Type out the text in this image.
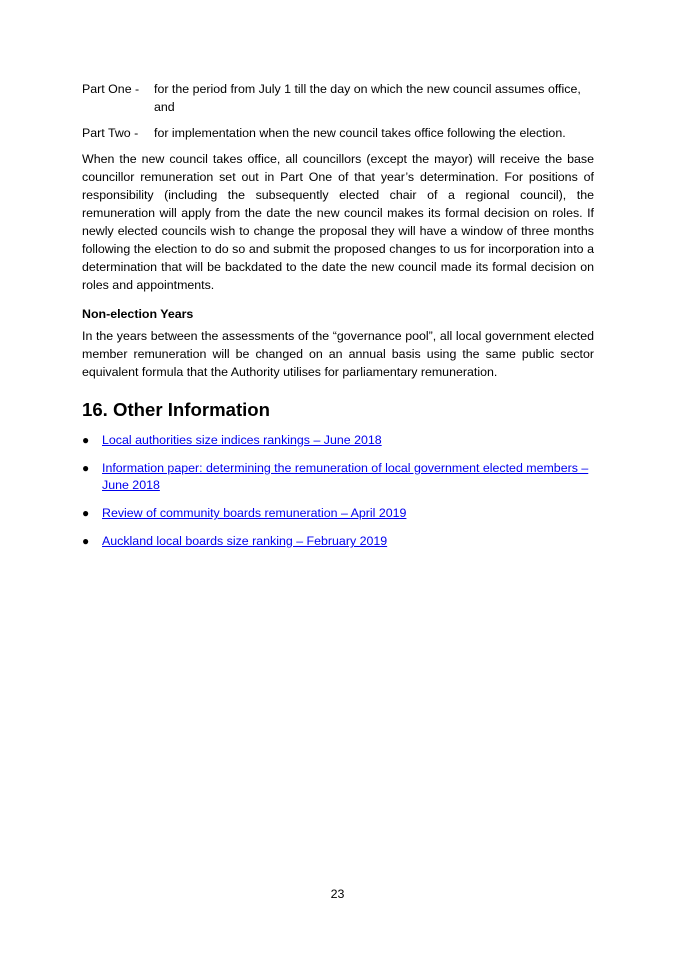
Part One -	for the period from July 1 till the day on which the new council assumes office, and
Part Two -	for implementation when the new council takes office following the election.

When the new council takes office, all councillors (except the mayor) will receive the base councillor remuneration set out in Part One of that year’s determination. For positions of responsibility (including the subsequently elected chair of a regional council), the remuneration will apply from the date the new council makes its formal decision on roles. If newly elected councils wish to change the proposal they will have a window of three months following the election to do so and submit the proposed changes to us for incorporation into a determination that will be backdated to the date the new council made its formal decision on roles and appointments.

Non-election Years

In the years between the assessments of the “governance pool”, all local government elected member remuneration will be changed on an annual basis using the same public sector equivalent formula that the Authority utilises for parliamentary remuneration.

16. Other Information
●	Local authorities size indices rankings – June 2018
●	Information paper: determining the remuneration of local government elected members – June 2018
●	Review of community boards remuneration – April 2019
●	Auckland local boards size ranking – February 2019
23
